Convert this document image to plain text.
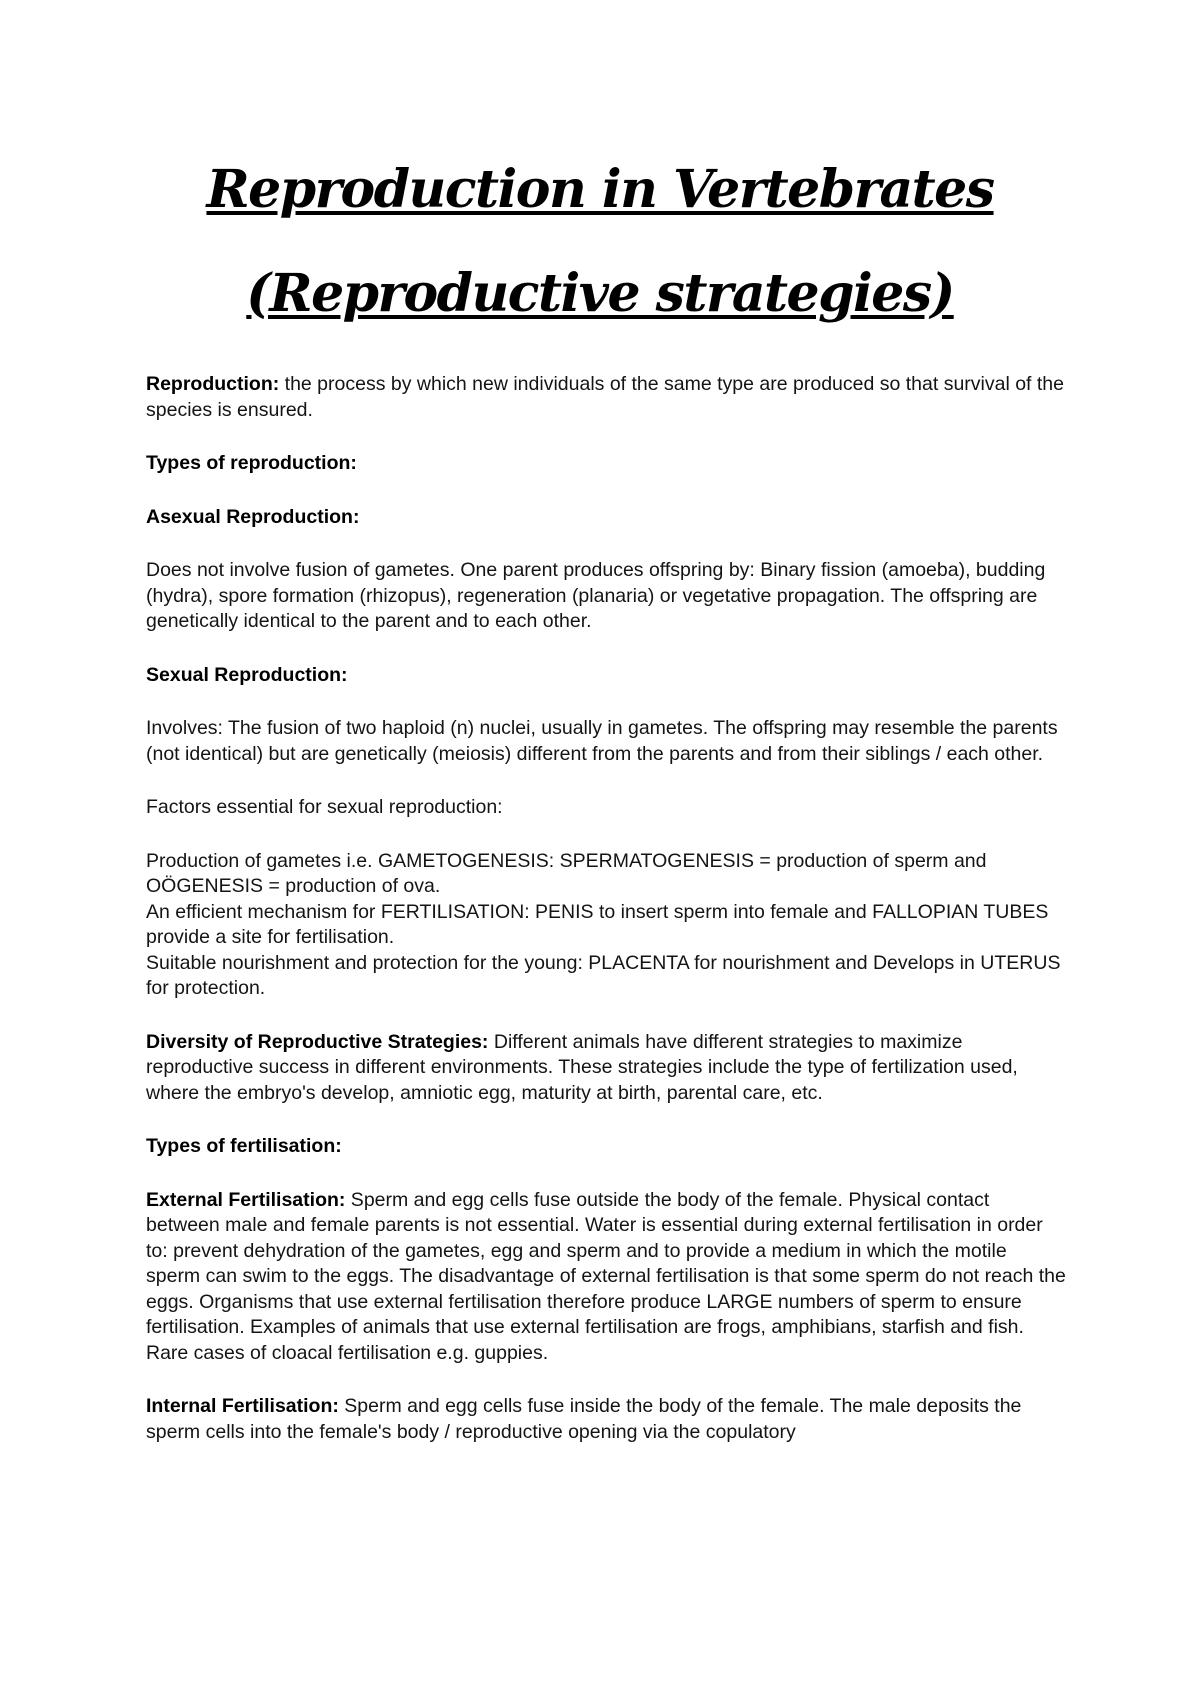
Reproduction in Vertebrates
(Reproductive strategies)

Reproduction: the process by which new individuals of the same type are produced so that survival of the species is ensured.

Types of reproduction:

Asexual Reproduction:

Does not involve fusion of gametes. One parent produces offspring by: Binary fission (amoeba), budding (hydra), spore formation (rhizopus), regeneration (planaria) or vegetative propagation. The offspring are genetically identical to the parent and to each other.

Sexual Reproduction:

Involves: The fusion of two haploid (n) nuclei, usually in gametes. The offspring may resemble the parents (not identical) but are genetically (meiosis) different from the parents and from their siblings / each other.

Factors essential for sexual reproduction:

Production of gametes i.e. GAMETOGENESIS: SPERMATOGENESIS = production of sperm and OÖGENESIS = production of ova.

An efficient mechanism for FERTILISATION: PENIS to insert sperm into female and FALLOPIAN TUBES provide a site for fertilisation.

Suitable nourishment and protection for the young: PLACENTA for nourishment and Develops in UTERUS for protection.

Diversity of Reproductive Strategies: Different animals have different strategies to maximize reproductive success in different environments. These strategies include the type of fertilization used, where the embryo's develop, amniotic egg, maturity at birth, parental care, etc.

Types of fertilisation:

External Fertilisation: Sperm and egg cells fuse outside the body of the female. Physical contact between male and female parents is not essential. Water is essential during external fertilisation in order to: prevent dehydration of the gametes, egg and sperm and to provide a medium in which the motile sperm can swim to the eggs. The disadvantage of external fertilisation is that some sperm do not reach the eggs. Organisms that use external fertilisation therefore produce LARGE numbers of sperm to ensure fertilisation. Examples of animals that use external fertilisation are frogs, amphibians, starfish and fish. Rare cases of cloacal fertilisation e.g. guppies.

Internal Fertilisation: Sperm and egg cells fuse inside the body of the female. The male deposits the sperm cells into the female's body / reproductive opening via the copulatory
